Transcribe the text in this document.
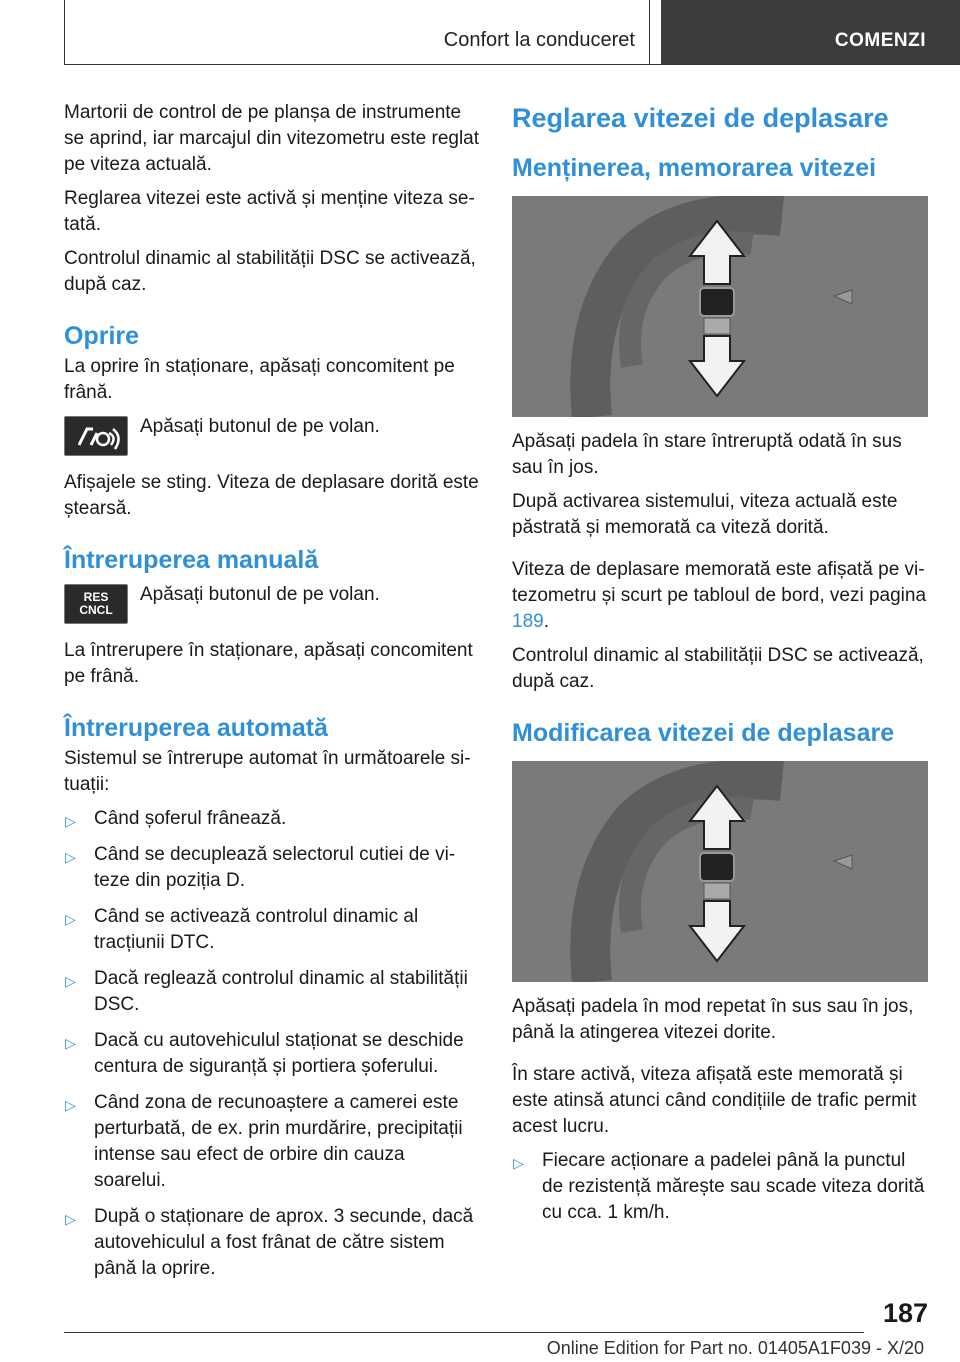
Confort la conduceret	COMENZI

Martorii de control de pe planșa de instrumente se aprind, iar marcajul din vitezometru este reglat pe viteza actuală.

Reglarea vitezei este activă și menține viteza setată.

Controlul dinamic al stabilității DSC se activează, după caz.

Oprire

La oprire în staționare, apăsați concomitent pe frână.

Apăsați butonul de pe volan.

Afișajele se sting. Viteza de deplasare dorită este ștearsă.

Întreruperea manuală
RES
CNCL

Apăsați butonul de pe volan.

La întrerupere în staționare, apăsați concomitent pe frână.

Întreruperea automată

Sistemul se întrerupe automat în următoarele situații:

▷ Când șoferul frânează.
▷ Când se decuplează selectorul cutiei de viteze din poziția D.
▷ Când se activează controlul dinamic al tracțiunii DTC.
▷ Dacă reglează controlul dinamic al stabilității DSC.
▷ Dacă cu autovehiculul staționat se deschide centura de siguranță și portiera șoferului.
▷ Când zona de recunoaștere a camerei este perturbată, de ex. prin murdărire, precipitații intense sau efect de orbire din cauza soarelui.
▷ După o staționare de aprox. 3 secunde, dacă autovehiculul a fost frânat de către sistem până la oprire.
Reglarea vitezei de deplasare
Menținerea, memorarea vitezei

Apăsați padela în stare întreruptă odată în sus sau în jos.

După activarea sistemului, viteza actuală este păstrată și memorată ca viteză dorită.

Viteza de deplasare memorată este afișată pe vitezometru și scurt pe tabloul de bord, vezi pagina 189.

Controlul dinamic al stabilității DSC se activează, după caz.

Modificarea vitezei de deplasare

Apăsați padela în mod repetat în sus sau în jos, până la atingerea vitezei dorite.

În stare activă, viteza afișată este memorată și este atinsă atunci când condițiile de trafic permit acest lucru.

▷ Fiecare acționare a padelei până la punctul de rezistență mărește sau scade viteza dorită cu cca. 1 km/h.
187
Online Edition for Part no. 01405A1F039 - X/20
